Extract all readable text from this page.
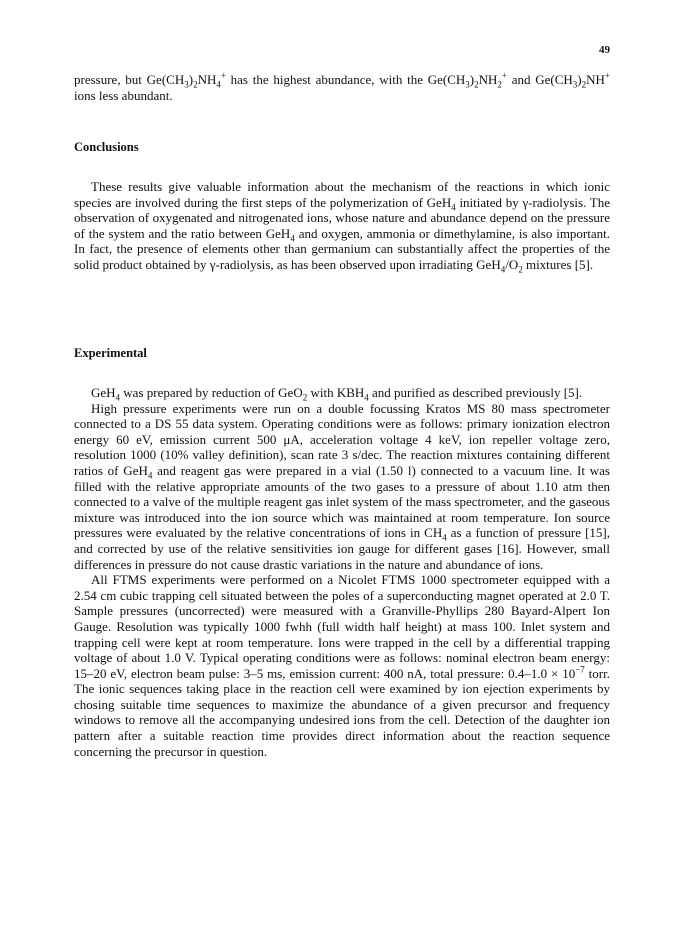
49

pressure, but $Ge(CH_3)_2NH_4^+$ has the highest abundance, with the $Ge(CH_3)_2NH_2^+$ and $Ge(CH_3)_2NH^+$ ions less abundant.

Conclusions

These results give valuable information about the mechanism of the reactions in which ionic species are involved during the first steps of the polymerization of GeH$_4$ initiated by γ-radiolysis. The observation of oxygenated and nitrogenated ions, whose nature and abundance depend on the pressure of the system and the ratio between GeH$_4$ and oxygen, ammonia or dimethylamine, is also important. In fact, the presence of elements other than germanium can substantially affect the properties of the solid product obtained by γ-radiolysis, as has been observed upon irradiating $GeH_4/O_2$ mixtures [5].

Experimental

GeH$_4$ was prepared by reduction of GeO$_2$ with $KBH_4$ and purified as described previously [5].

High pressure experiments were run on a double focussing Kratos MS 80 mass spectrometer connected to a DS 55 data system. Operating conditions were as follows: primary ionization electron energy 60 eV, emission current 500 μA, acceleration voltage 4 keV, ion repeller voltage zero, resolution 1000 (10% valley definition), scan rate 3 s/dec. The reaction mixtures containing different ratios of GeH$_4$ and reagent gas were prepared in a vial (1.50 l) connected to a vacuum line. It was filled with the relative appropriate amounts of the two gases to a pressure of about 1.10 atm then connected to a valve of the multiple reagent gas inlet system of the mass spectrometer, and the gaseous mixture was introduced into the ion source which was maintained at room temperature. Ion source pressures were evaluated by the relative concentrations of ions in $CH_4$ as a function of pressure [15], and corrected by use of the relative sensitivities ion gauge for different gases [16]. However, small differences in pressure do not cause drastic variations in the nature and abundance of ions.

All FTMS experiments were performed on a Nicolet FTMS 1000 spectrometer equipped with a 2.54 cm cubic trapping cell situated between the poles of a superconducting magnet operated at 2.0 T. Sample pressures (uncorrected) were measured with a Granville-Phyllips 280 Bayard-Alpert Ion Gauge. Resolution was typically 1000 fwhh (full width half height) at mass 100. Inlet system and trapping cell were kept at room temperature. Ions were trapped in the cell by a differential trapping voltage of about 1.0 V. Typical operating conditions were as follows: nominal electron beam energy: 15–20 eV, electron beam pulse: 3–5 ms, emission current: 400 nA, total pressure: $0.4-1.0 \times 10^{-7}$ torr. The ionic sequences taking place in the reaction cell were examined by ion ejection experiments by chosing suitable time sequences to maximize the abundance of a given precursor and frequency windows to remove all the accompanying undesired ions from the cell. Detection of the daughter ion pattern after a suitable reaction time provides direct information about the reaction sequence concerning the precursor in question.
